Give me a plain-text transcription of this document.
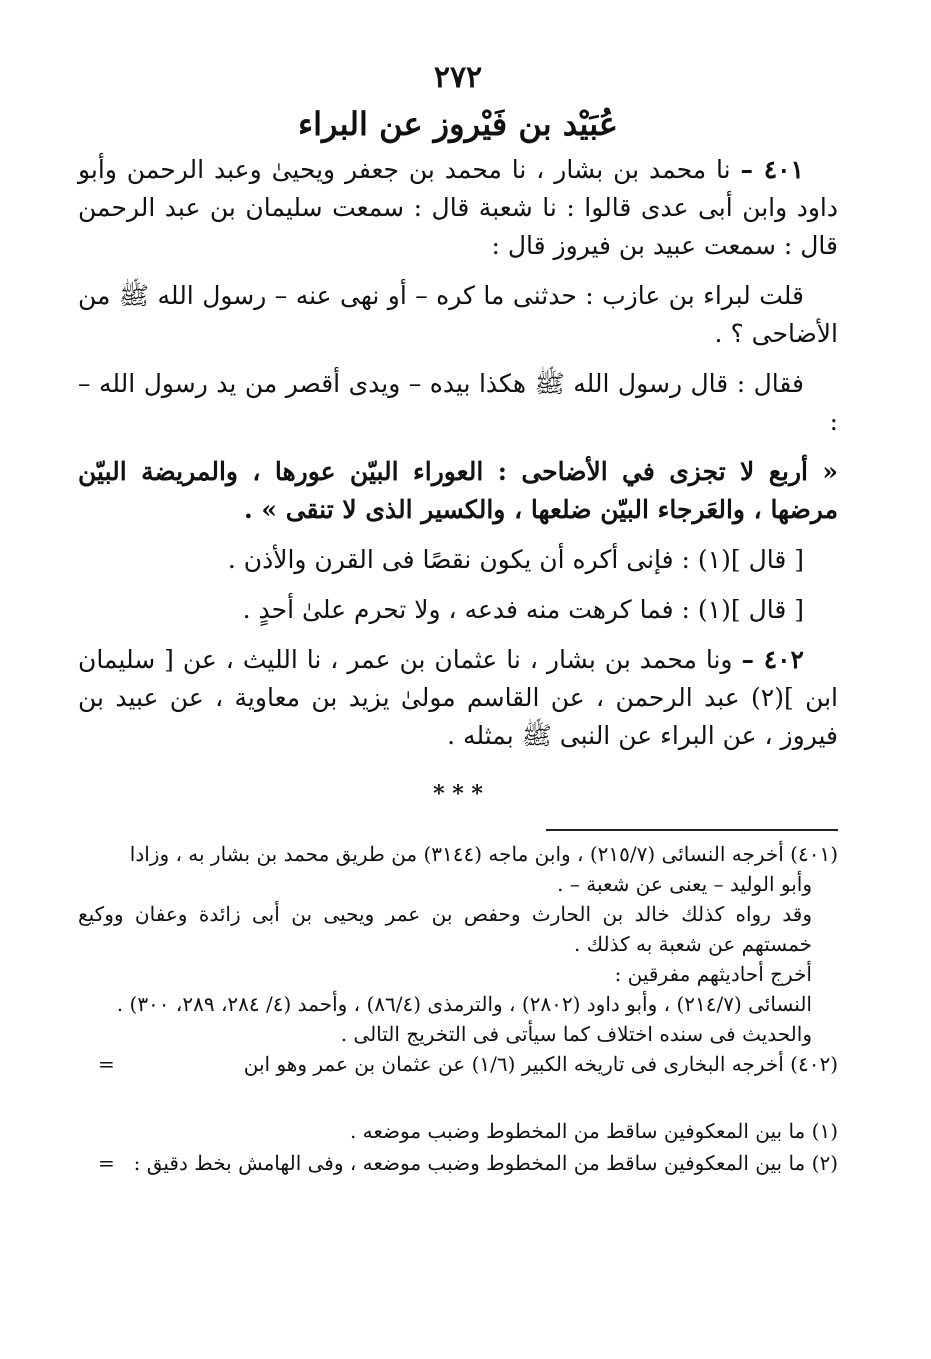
٢٧٢
عُبَيْد بن فَيْروز عن البراء

٤٠١ – نا محمد بن بشار ، نا محمد بن جعفر ويحيىٰ وعبد الرحمن وأبو داود وابن أبى عدى قالوا : نا شعبة قال : سمعت سليمان بن عبد الرحمن قال : سمعت عبيد بن فيروز قال :

قلت لبراء بن عازب : حدثنى ما كره – أو نهى عنه – رسول الله ﷺ من الأضاحى ؟ .

فقال : قال رسول الله ﷺ هكذا بيده – ويدى أقصر من يد رسول الله – :

« أربع لا تجزى في الأضاحى : العوراء البيّن عورها ، والمريضة البيّن مرضها ، والعَرجاء البيّن ضلعها ، والكسير الذى لا تنقى » .

[ قال ](١) : فإنى أكره أن يكون نقصًا فى القرن والأذن .

[ قال ](١) : فما كرهت منه فدعه ، ولا تحرم علىٰ أحدٍ .

٤٠٢ – ونا محمد بن بشار ، نا عثمان بن عمر ، نا الليث ، عن [ سليمان ابن ](٢) عبد الرحمن ، عن القاسم مولىٰ يزيد بن معاوية ، عن عبيد بن فيروز ، عن البراء عن النبى ﷺ بمثله .

* * *

(٤٠١) أخرجه النسائى (٢١٥/٧) ، وابن ماجه (٣١٤٤) من طريق محمد بن بشار به ، وزادا

وأبو الوليد – يعنى عن شعبة – .

وقد رواه كذلك خالد بن الحارث وحفص بن عمر ويحيى بن أبى زائدة وعفان ووكيع خمستهم عن شعبة به كذلك .

أخرج أحاديثهم مفرقين :

النسائى (٢١٤/٧) ، وأبو داود (٢٨٠٢) ، والترمذى (٨٦/٤) ، وأحمد (٤/ ٢٨٤، ٢٨٩، ٣٠٠) .

والحديث فى سنده اختلاف كما سيأتى فى التخريج التالى .

(٤٠٢) أخرجه البخارى فى تاريخه الكبير (١/٦) عن عثمان بن عمر وهو ابن
=

(١) ما بين المعكوفين ساقط من المخطوط وضبب موضعه .

(٢) ما بين المعكوفين ساقط من المخطوط وضبب موضعه ، وفى الهامش بخط دقيق :
=
